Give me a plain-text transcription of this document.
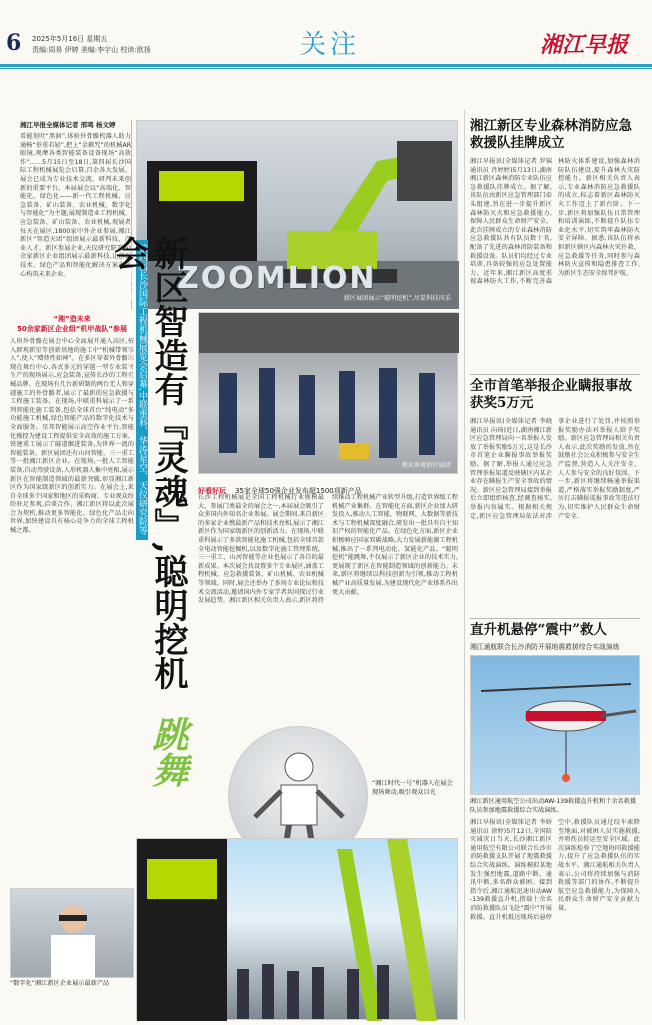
6 2025年5月16日 星期五
责编:周易 伊婷 美编:李宇山 校读:欧扬	关注	湘江早报
湘江早报全媒体记者 邢鸣 杨文婷
看能划吐“黑洞”,体验外骨骼机器人助力通畅“举重若轻”,把上“金箍咒”的机械AR眼镜,观摩各类智能装备设备现场“高效作”……5月15日至18日,第四届长沙国际工程机械展览会启幕,百余各大发展。展会已成为专业技术交流、研判未来创新的重要平台。本届展会以“高端化、智能化、绿色化——新一代工程机械、应急装备、矿山装备、农业机械、数字化与智能化”为主题,展现制造业工程机械、应急装备、矿山装备、农业机械,观展者每天在展区,1800家中外企业参展,湘江新区“智造天团”组团展示最新科技、产业人才。新区参展企业,天仪研究院等50余家新区企业组团展示最新科技,让创新技术、绿色产品和智能化解决方案为核心构筑未来企业。	ZOOMLION
新区展团展示“聪明挖机”,尽显科技风采
湘江新区专业森林消防应急救援队挂牌成立
湘江早报讯(全媒体记者 罗锦 通讯员 肖婷婷)5月13日,湖南湘江新区森林消防专业队伍应急救援队挂牌成立。据了解,该队伍由新区应急管理部门牵头组建,旨在进一步提升新区森林防灭火和应急救援能力,保障人民群众生命财产安全。此次挂牌成立的专业森林消防应急救援队共有队员数十名,配备了先进的森林消防装备和救援设备。队员们均经过专业培训,具备较强的应急处置能力。近年来,湘江新区高度重视森林防火工作,不断完善森林防火体系建设,加强森林消防队伍建设,提升森林火灾防控能力。新区相关负责人表示,专业森林消防应急救援队的成立,标志着新区森林防灭火工作迈上了新台阶。下一步,新区将加强队伍日常管理和培训演练,不断提升队伍专业化水平,切实筑牢森林防火安全屏障。据悉,该队伍将承担新区辖区内森林火灾扑救、应急救援等任务,同时参与森林防火宣传和隐患排查工作,为新区生态安全保驾护航。
全市首笔举报企业瞒报事故获奖5万元
湘江早报讯(全媒体记者 李晓 通讯员 向琦)近日,湖南湘江新区应急管理局向一名举报人发放了举报奖励5万元,这是长沙市首笔企业瞒报事故举报奖励。据了解,举报人通过应急管理举报渠道反映辖区内某企业存在瞒报生产安全事故的情况。新区应急管理局接到举报后立即组织核查,经调查核实,举报内容属实。根据相关规定,新区应急管理局依法对涉事企业进行了处罚,并按照举报奖励办法对举报人给予奖励。新区应急管理局相关负责人表示,此次奖励的发放,旨在鼓励社会公众积极参与安全生产监督,营造人人关注安全、人人参与安全的良好氛围。下一步,新区将继续畅通举报渠道,严格落实举报奖励制度,严厉打击瞒报谎报事故等违法行为,切实维护人民群众生命财产安全。
直升机悬停“震中”救人
湘江通航联合长沙消防开展地震救援综合实战演练
湘江新区通用航空公司出动AW-139救援直升机和十余名救援队员参加地震救援综合实战演练。
湘江早报讯(全媒体记者 李娇 通讯员 徐婷)5月12日,全国防灾减灾日当天,长沙湘江新区通用航空有限公司联合长沙市消防救援支队开展了地震救援综合实战演练。演练模拟某地发生强烈地震,道路中断、通讯中断,多名群众被困。接到指令后,湘江通航迅速出动AW-139救援直升机,搭载十余名消防救援队员飞赴“震中”开展救援。直升机抵达现场后悬停空中,救援队员通过绞车索降至地面,对被困人员实施救援,并将伤员转运至安全区域。此次演练检验了空地协同救援能力,提升了应急救援队伍的实战水平。湘江通航相关负责人表示,公司将持续加强与消防救援等部门的协作,不断提升航空应急救援能力,为保障人民群众生命财产安全贡献力量。
“湘”造未来
50余家新区企业组“机甲战队”参展
人形外骨骼在展会中心全面展开通入高区,被入群观新星等创新基地的施工中“机械带领器人”,使人“增替性如神”。在多区穿着外骨骼出现在舞台中心,各式多元的穿越一型专业装备生产的现场展示,应急装备,宣传长沙的工程机械品牌。在现场有几台新研制的两台无人和穿越施工的外骨骼者,展示了最新的应急救援与工程施工装备。在现场,中联重科展示了一系列智能化施工装备,包括全球首台“纯电动”多功能施工机械,绿色智能产品的数字化技术与全面服务。星邦智能展示高空作业平台,智能化操控为建设工程提供安全高效的施工方案。铁建重工展示了隧道掘进装备,为世界一流的智能装备。新区展团还有山河智能、三一重工等一批湘江新区企业。在现场,一批人工智能装备,自动驾驶设备,人形机器人集中亮相,展示新区在智能制造领域的最新突破,彰显湘江新区作为国家级新区的创新实力。在展会上,来自全球多个国家和地区的采购商、专业观众纷纷驻足参观,洽谈合作。湘江新区将以此次展会为契机,推动更多智能化、绿色化产品走向世界,加快建设具有核心竞争力的全球工程机械之都。
“数字化”湘江新区企业展示最新产品
第四届长沙国际工程机械展览会启幕,中联重科、华涛星空、天仪研究院等50余家新区企业组团展示最新科技 新区智造有『灵魂』,聪明挖机会
跳舞
观众参观新区展团
好看好玩 35家全球50强企业发布超1500项新产品
长沙工程机械展是全国工程机械行业规模最大、参展门类最全的展会之一,本届展会吸引了众多国内外知名企业参展。展会期间,来自新区的多家企业携最新产品和技术亮相,展示了湘江新区作为国家级新区的创新活力。在现场,中联重科展示了多款智能化施工机械,包括全球首款全电动智能挖掘机,以及数字化施工管理系统。三一重工、山河智能等企业也展示了各自的最新成果。本次展会共设置多个专业展区,涵盖工程机械、应急救援装备、矿山机械、农业机械等领域。同时,展会还举办了多场专业论坛和技术交流活动,邀请国内外专家学者共同探讨行业发展趋势。湘江新区相关负责人表示,新区将持续推动工程机械产业转型升级,打造世界级工程机械产业集群。在智能化方面,新区企业加大研发投入,推动人工智能、物联网、大数据等新技术与工程机械深度融合,研发出一批具有自主知识产权的智能化产品。在绿色化方面,新区企业积极响应国家双碳战略,大力发展新能源工程机械,推出了一系列电动化、氢能化产品。“聪明挖机”能跳舞,不仅展示了新区企业的技术实力,更展现了新区在智能制造领域的创新能力。未来,新区将继续以科技创新为引领,推动工程机械产业高质量发展,为建设现代化产业体系作出更大贡献。
“湘江时代一号”机器人在展会现场舞动,吸引观众目光
